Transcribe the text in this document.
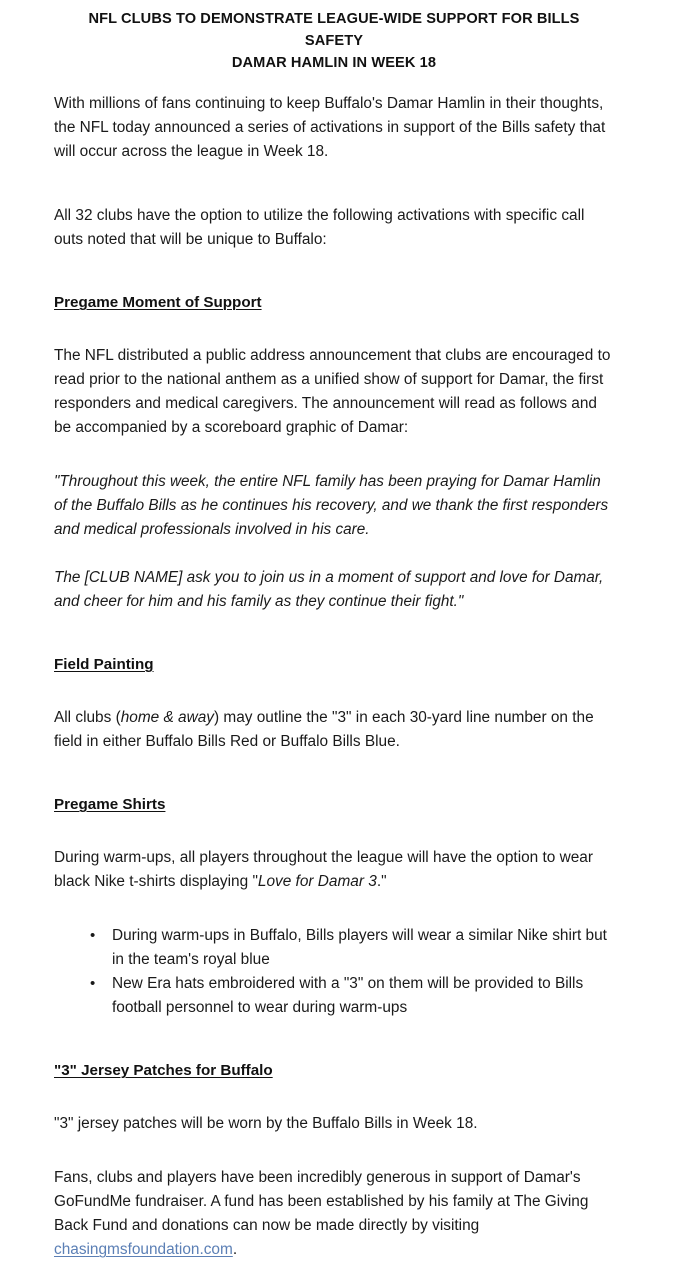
NFL CLUBS TO DEMONSTRATE LEAGUE-WIDE SUPPORT FOR BILLS SAFETY
DAMAR HAMLIN IN WEEK 18

With millions of fans continuing to keep Buffalo's Damar Hamlin in their thoughts, the NFL today announced a series of activations in support of the Bills safety that will occur across the league in Week 18.

All 32 clubs have the option to utilize the following activations with specific call outs noted that will be unique to Buffalo:

Pregame Moment of Support

The NFL distributed a public address announcement that clubs are encouraged to read prior to the national anthem as a unified show of support for Damar, the first responders and medical caregivers. The announcement will read as follows and be accompanied by a scoreboard graphic of Damar:

"Throughout this week, the entire NFL family has been praying for Damar Hamlin of the Buffalo Bills as he continues his recovery, and we thank the first responders and medical professionals involved in his care.

The [CLUB NAME] ask you to join us in a moment of support and love for Damar, and cheer for him and his family as they continue their fight."

Field Painting

All clubs (home & away) may outline the "3" in each 30-yard line number on the field in either Buffalo Bills Red or Buffalo Bills Blue.

Pregame Shirts

During warm-ups, all players throughout the league will have the option to wear black Nike t-shirts displaying "Love for Damar 3."

• During warm-ups in Buffalo, Bills players will wear a similar Nike shirt but in the team's royal blue
• New Era hats embroidered with a "3" on them will be provided to Bills football personnel to wear during warm-ups
"3" Jersey Patches for Buffalo

"3" jersey patches will be worn by the Buffalo Bills in Week 18.

Fans, clubs and players have been incredibly generous in support of Damar's GoFundMe fundraiser. A fund has been established by his family at The Giving Back Fund and donations can now be made directly by visiting chasingmsfoundation.com.
